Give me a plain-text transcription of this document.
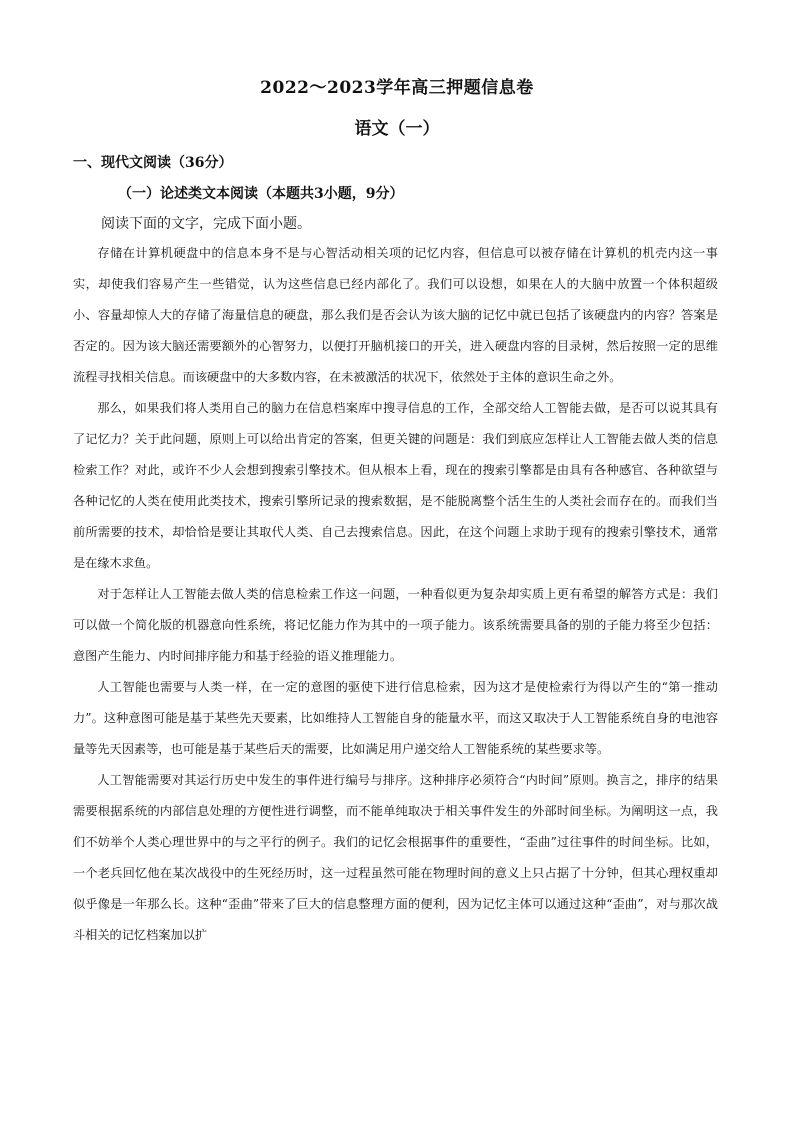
2022～2023学年高三押题信息卷
语文（一）
一、现代文阅读（36分）
（一）论述类文本阅读（本题共3小题，9分）
阅读下面的文字，完成下面小题。

存储在计算机硬盘中的信息本身不是与心智活动相关项的记忆内容，但信息可以被存储在计算机的机壳内这一事实，却使我们容易产生一些错觉，认为这些信息已经内部化了。我们可以设想，如果在人的大脑中放置一个体积超级小、容量却惊人大的存储了海量信息的硬盘，那么我们是否会认为该大脑的记忆中就已包括了该硬盘内的内容？答案是否定的。因为该大脑还需要额外的心智努力，以便打开脑机接口的开关，进入硬盘内容的目录树，然后按照一定的思维流程寻找相关信息。而该硬盘中的大多数内容，在未被激活的状况下，依然处于主体的意识生命之外。

那么，如果我们将人类用自己的脑力在信息档案库中搜寻信息的工作，全部交给人工智能去做，是否可以说其具有了记忆力？关于此问题，原则上可以给出肯定的答案，但更关键的问题是：我们到底应怎样让人工智能去做人类的信息检索工作？对此，或许不少人会想到搜索引擎技术。但从根本上看，现在的搜索引擎都是由具有各种感官、各种欲望与各种记忆的人类在使用此类技术，搜索引擎所记录的搜索数据，是不能脱离整个活生生的人类社会而存在的。而我们当前所需要的技术，却恰恰是要让其取代人类、自己去搜索信息。因此，在这个问题上求助于现有的搜索引擎技术，通常是在缘木求鱼。

对于怎样让人工智能去做人类的信息检索工作这一问题，一种看似更为复杂却实质上更有希望的解答方式是：我们可以做一个简化版的机器意向性系统，将记忆能力作为其中的一项子能力。该系统需要具备的别的子能力将至少包括：意图产生能力、内时间排序能力和基于经验的语义推理能力。

人工智能也需要与人类一样，在一定的意图的驱使下进行信息检索，因为这才是使检索行为得以产生的“第一推动力”。这种意图可能是基于某些先天要素，比如维持人工智能自身的能量水平，而这又取决于人工智能系统自身的电池容量等先天因素等，也可能是基于某些后天的需要，比如满足用户递交给人工智能系统的某些要求等。

人工智能需要对其运行历史中发生的事件进行编号与排序。这种排序必须符合“内时间”原则。换言之，排序的结果需要根据系统的内部信息处理的方便性进行调整，而不能单纯取决于相关事件发生的外部时间坐标。为阐明这一点，我们不妨举个人类心理世界中的与之平行的例子。我们的记忆会根据事件的重要性，“歪曲”过往事件的时间坐标。比如，一个老兵回忆他在某次战役中的生死经历时，这一过程虽然可能在物理时间的意义上只占据了十分钟，但其心理权重却似乎像是一年那么长。这种“歪曲”带来了巨大的信息整理方面的便利，因为记忆主体可以通过这种“歪曲”，对与那次战斗相关的记忆档案加以扩
